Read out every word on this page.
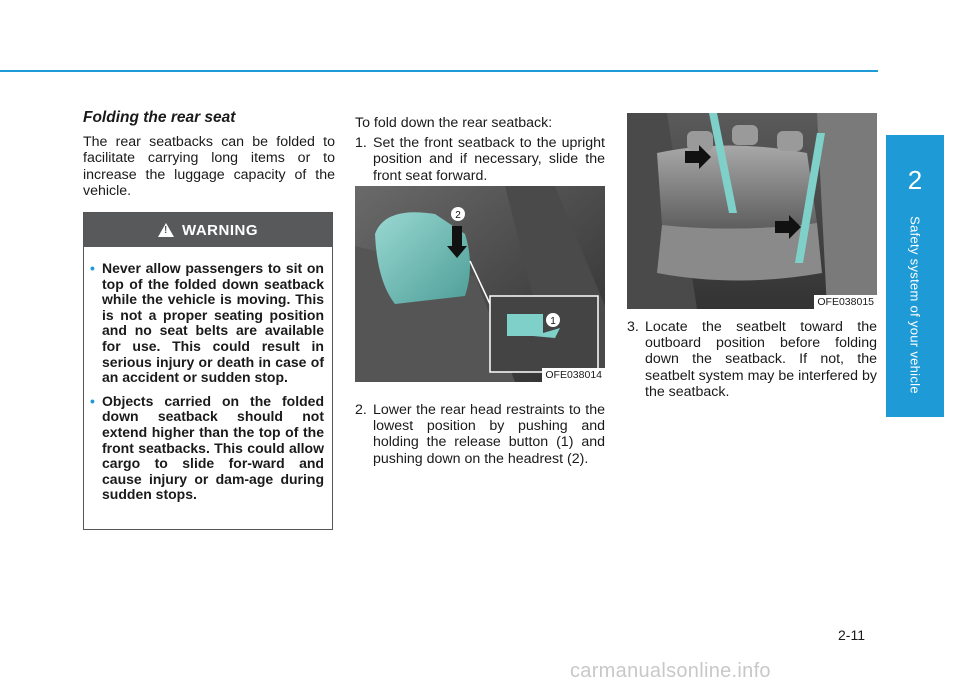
2
Safety system of your vehicle
Folding the rear seat

The rear seatbacks can be folded to facilitate carrying long items or to increase the luggage capacity of the vehicle.

!
WARNING
• Never allow passengers to sit on top of the folded down seatback while the vehicle is moving. This is not a proper seating position and no seat belts are available for use. This could result in serious injury or death in case of an accident or sudden stop.
• Objects carried on the folded down seatback should not extend higher than the top of the front seatbacks. This could allow cargo to slide for-ward and cause injury or dam-age during sudden stops.

To fold down the rear seatback:

1. Set the front seatback to the upright position and if necessary, slide the front seat forward.
2
1
OFE038014
2. Lower the rear head restraints to the lowest position by pushing and holding the release button (1) and pushing down on the headrest (2).
OFE038015
3. Locate the seatbelt toward the outboard position before folding down the seatback. If not, the seatbelt system may be interfered by the seatback.
2-11
carmanualsonline.info
